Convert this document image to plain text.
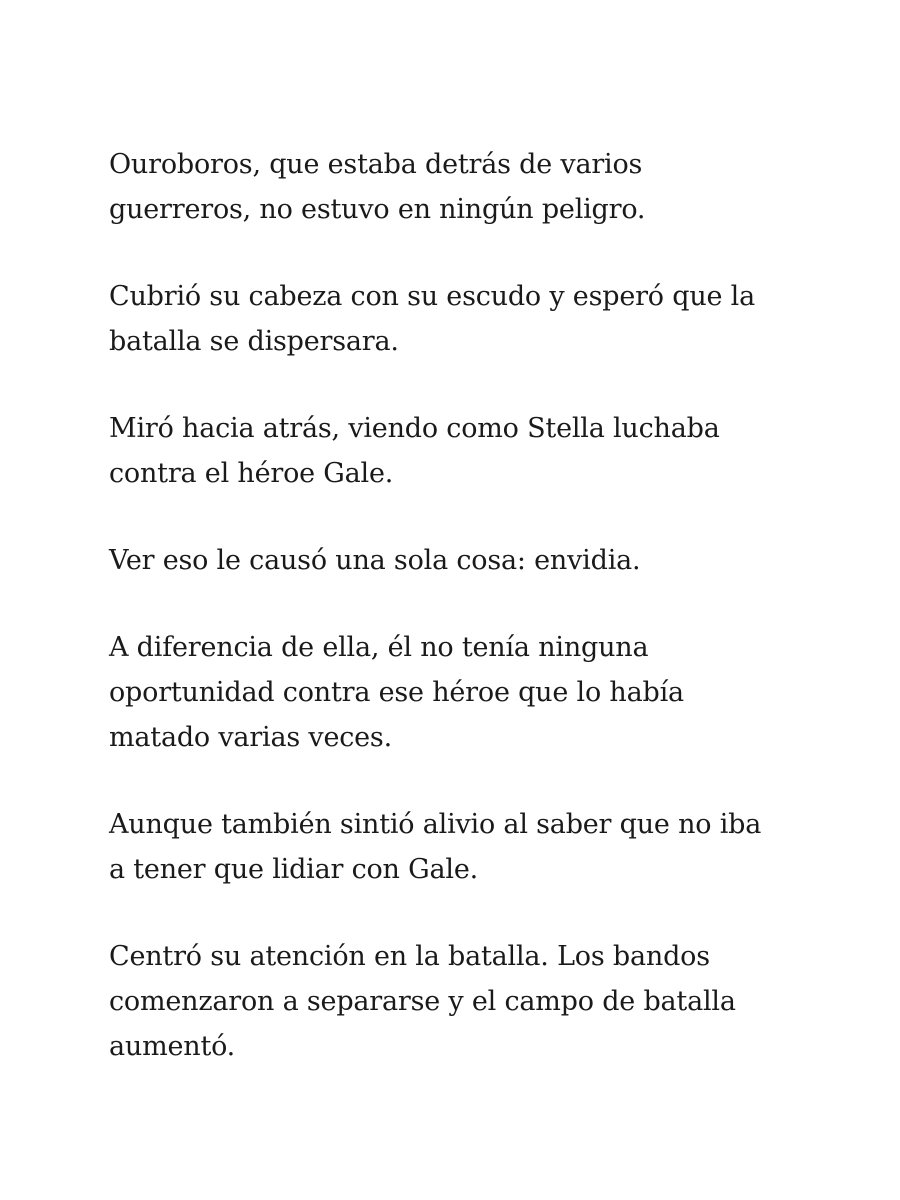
Ouroboros, que estaba detrás de varios
guerreros, no estuvo en ningún peligro.

Cubrió su cabeza con su escudo y esperó que la
batalla se dispersara.

Miró hacia atrás, viendo como Stella luchaba
contra el héroe Gale.

Ver eso le causó una sola cosa: envidia.

A diferencia de ella, él no tenía ninguna
oportunidad contra ese héroe que lo había
matado varias veces.

Aunque también sintió alivio al saber que no iba
a tener que lidiar con Gale.

Centró su atención en la batalla. Los bandos
comenzaron a separarse y el campo de batalla
aumentó.
